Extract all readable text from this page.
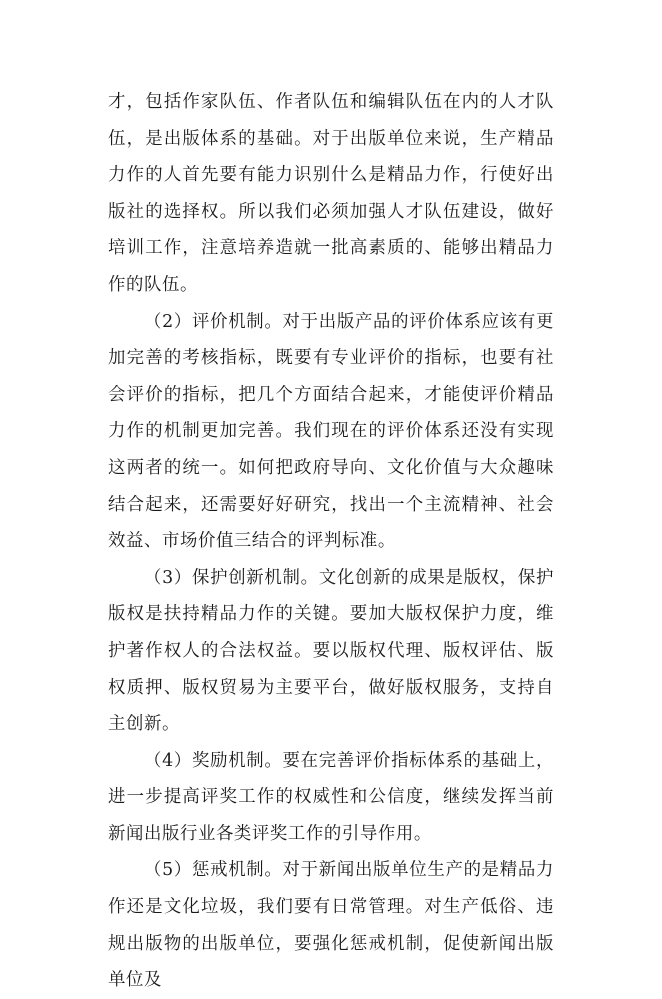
才，包括作家队伍、作者队伍和编辑队伍在内的人才队伍，是出版体系的基础。对于出版单位来说，生产精品力作的人首先要有能力识别什么是精品力作，行使好出版社的选择权。所以我们必须加强人才队伍建设，做好培训工作，注意培养造就一批高素质的、能够出精品力作的队伍。

（2）评价机制。对于出版产品的评价体系应该有更加完善的考核指标，既要有专业评价的指标，也要有社会评价的指标，把几个方面结合起来，才能使评价精品力作的机制更加完善。我们现在的评价体系还没有实现这两者的统一。如何把政府导向、文化价值与大众趣味结合起来，还需要好好研究，找出一个主流精神、社会效益、市场价值三结合的评判标准。

（3）保护创新机制。文化创新的成果是版权，保护版权是扶持精品力作的关键。要加大版权保护力度，维护著作权人的合法权益。要以版权代理、版权评估、版权质押、版权贸易为主要平台，做好版权服务，支持自主创新。

（4）奖励机制。要在完善评价指标体系的基础上，进一步提高评奖工作的权威性和公信度，继续发挥当前新闻出版行业各类评奖工作的引导作用。

（5）惩戒机制。对于新闻出版单位生产的是精品力作还是文化垃圾，我们要有日常管理。对生产低俗、违规出版物的出版单位，要强化惩戒机制，促使新闻出版单位及
